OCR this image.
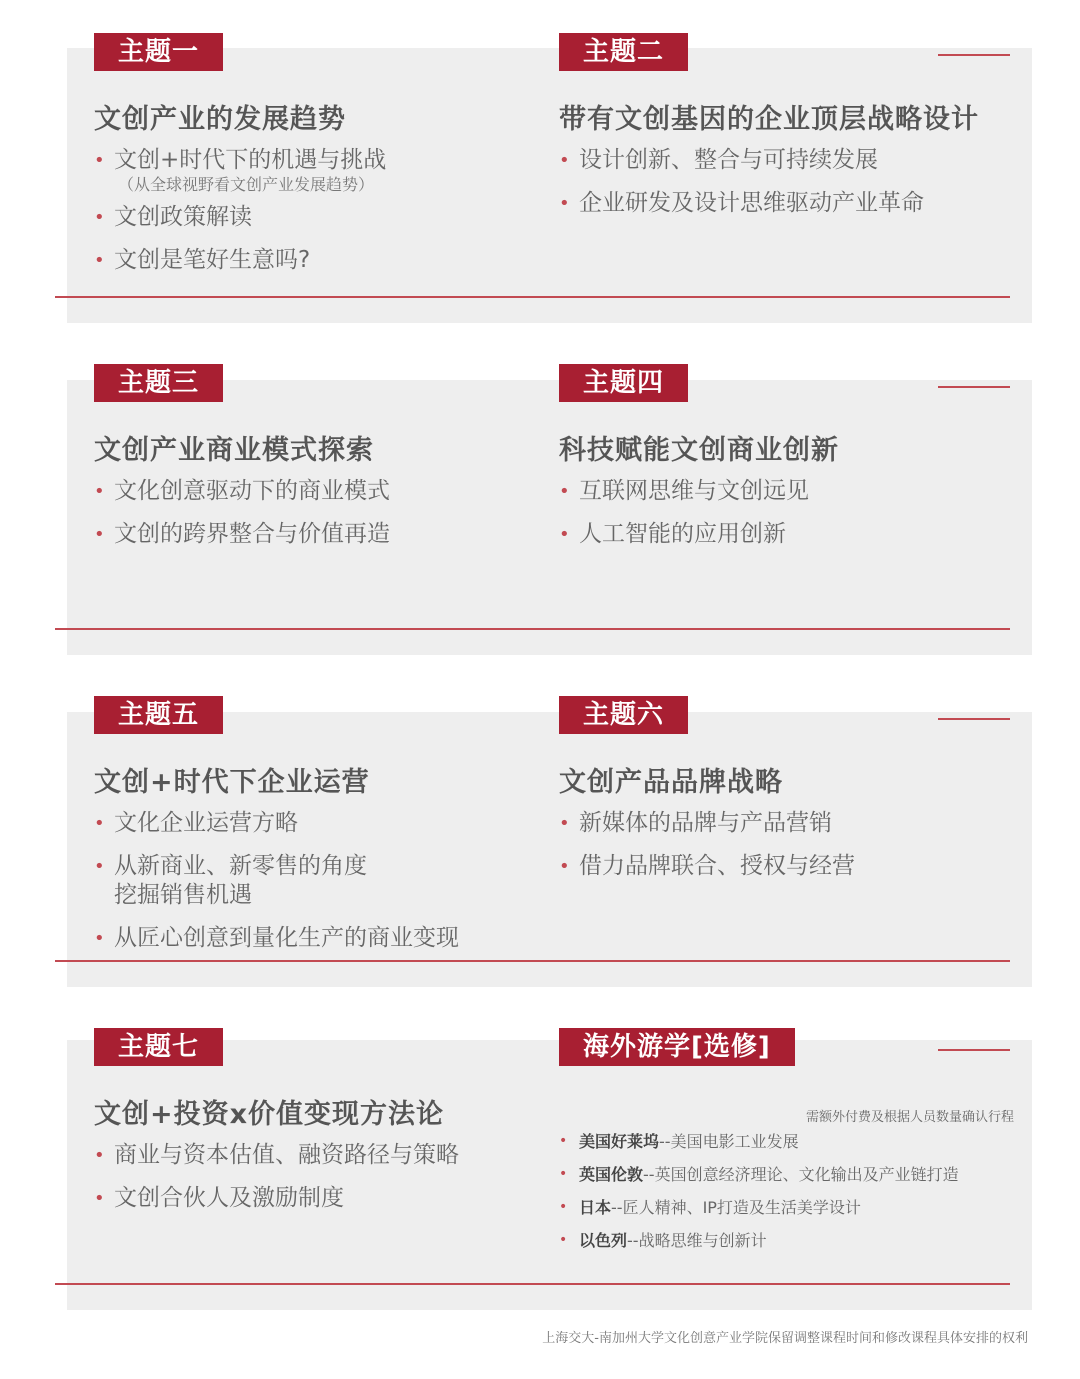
主题一
文创产业的发展趋势
• 文创+时代下的机遇与挑战
（从全球视野看文创产业发展趋势）
• 文创政策解读
• 文创是笔好生意吗?
主题二
带有文创基因的企业顶层战略设计
• 设计创新、整合与可持续发展
• 企业研发及设计思维驱动产业革命
主题三
文创产业商业模式探索
• 文化创意驱动下的商业模式
• 文创的跨界整合与价值再造
主题四
科技赋能文创商业创新
• 互联网思维与文创远见
• 人工智能的应用创新
主题五
文创+时代下企业运营
• 文化企业运营方略
• 从新商业、新零售的角度
挖掘销售机遇
• 从匠心创意到量化生产的商业变现
主题六
文创产品品牌战略
• 新媒体的品牌与产品营销
• 借力品牌联合、授权与经营
主题七
文创+投资x价值变现方法论
• 商业与资本估值、融资路径与策略
• 文创合伙人及激励制度
海外游学[选修]
需额外付费及根据人员数量确认行程
• 美国好莱坞--美国电影工业发展
• 英国伦敦--英国创意经济理论、文化输出及产业链打造
• 日本--匠人精神、IP打造及生活美学设计
• 以色列--战略思维与创新计
上海交大-南加州大学文化创意产业学院保留调整课程时间和修改课程具体安排的权利
